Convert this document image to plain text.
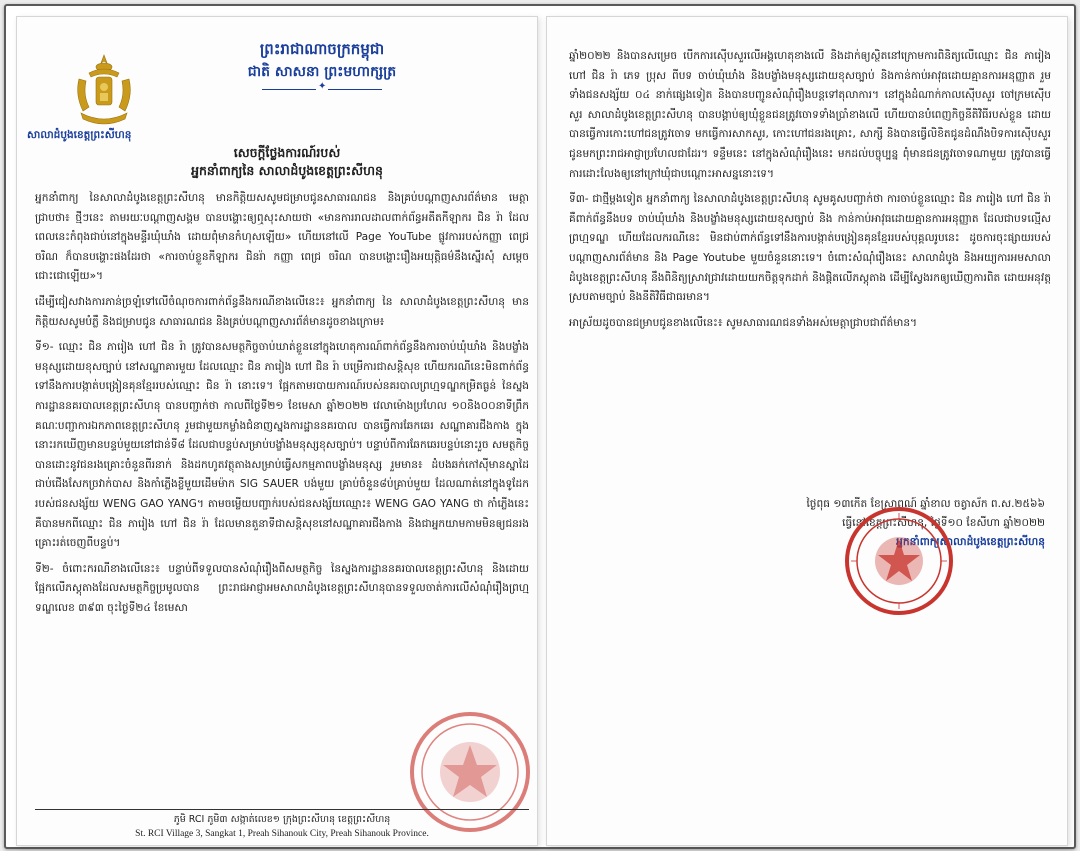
ព្រះរាជាណាចក្រកម្ពុជា
ជាតិ សាសនា ព្រះមហាក្សត្រ
✦
សាលាដំបូងខេត្តព្រះសីហនុ
សេចក្ដីថ្លែងការណ៍របស់
អ្នកនាំពាក្យនៃ សាលាដំបូងខេត្តព្រះសីហនុ

អ្នកនាំពាក្យ នៃសាលាដំបូងខេត្តព្រះសីហនុ មានកិត្តិយសសូមជម្រាបជូនសាធារណជន និងគ្រប់បណ្ដាញសារព័ត៌មាន មេត្តាជ្រាបថា៖ ថ្មីៗនេះ តាមរយៈបណ្ដាញសង្គម បានបង្ហោះឲ្យឮសុះសាយថា «មានការរាលដាលពាក់ព័ន្ធអតីតកីឡាករ ជិន រ៉ា ដែលពេលនេះកំពុងជាប់នៅក្នុងមន្ទីរឃុំឃាំង ដោយពុំមានកំហុសឡើយ» ហើយនៅលើ Page YouTube ផ្លូវការរបស់កញ្ញា ពេជ្រ ចរិណ ក៏បានបង្ហោះផងដែរថា «ការចាប់ខ្លួនកីឡាករ ជិនរ៉ា កញ្ញា ពេជ្រ ចរិណ បានបង្ហោះរឿងអយុត្តិធម៌នឹងស្នើរសុំ សម្ដេច ជោះជោឡើយ»។

ដើម្បីជៀសវាងការភាន់ច្រឡំទៅលើចំណុចការពាក់ព័ន្ធនឹងករណីខាងលើនេះ៖ អ្នកនាំពាក្យ នៃ សាលាដំបូងខេត្តព្រះសីហនុ មានកិត្តិយសសូមបំភ្លឺ និងជម្រាបជូន សាធារណជន និងគ្រប់បណ្ដាញសារព័ត៌មានដូចខាងក្រោម៖

ទី១- ឈ្មោះ ជិន ភារៀង ហៅ ជិន រ៉ា ត្រូវបានសមត្ថកិច្ចចាប់ឃាត់ខ្លួននៅក្នុងហេតុការណ៍ពាក់ព័ន្ធនឹងការចាប់ឃុំឃាំង និងបង្ខាំងមនុស្សដោយខុសច្បាប់ នៅសណ្ឋាគារមួយ ដែលឈ្មោះ ជិន ភារៀង ហៅ ជិន រ៉ា បម្រើការជាសន្តិសុខ ហើយករណីនេះមិនពាក់ព័ន្ធទៅនឹងការបង្កាត់បង្រៀនគុនខ្មែររបស់ឈ្មោះ ជិន រ៉ា នោះទេ។ ផ្អែកតាមរបាយការណ៍របស់នគរបាលព្រហ្មទណ្ឌកម្រិតធ្ងន់ នៃស្នងការដ្ឋាននគរបាលខេត្តព្រះសីហនុ បានបញ្ជាក់ថា កាលពីថ្ងៃទី២១ ខែមេសា ឆ្នាំ២០២២ វេលាម៉ោងប្រហែល ១០និង០០នាទីព្រឹក គណៈបញ្ជាការឯកភាពខេត្តព្រះសីហនុ រួមជាមួយកម្លាំងជំនាញស្នងការដ្ឋាននគរបាល បានធ្វើការឆែកឆេរ សណ្ឋាគារជីងកាង ក្នុងនោះរកឃើញមានបន្ទប់មួយនៅជាន់ទី៨ ដែលជាបន្ទប់សម្រាប់បង្ខាំងមនុស្សខុសច្បាប់។ បន្ទាប់ពីការឆែកឆេរបន្ទប់នោះរួច សមត្ថកិច្ចបានដោះនូវជនរងគ្រោះចំនួនពីរនាក់ និងដកហូតវត្ថុតាងសម្រាប់ធ្វើសកម្មភាពបង្ខាំងមនុស្ស រួមមាន៖ ដំបងឆក់កៅស៊ីមានស្នាដៃជាប់ជើងសែកច្រវាក់បាស និងកាំភ្លើងខ្លីមួយដើមម៉ាក SIG SAUER បង់មួយ គ្រាប់ចំនួន៨ប់គ្រាប់មួយ ដែលណាត់នៅក្នុងទូដែករបស់ជនសង្ស័យ WENG GAO YANG។ តាមចម្លើយបញ្ជាក់របស់ជនសង្ស័យឈ្មោះ៖ WENG GAO YANG ថា កាំភ្លើងនេះ គឺបានមកពីឈ្មោះ ជិន ភារៀង ហៅ ជិន រ៉ា ដែលមានតួនាទីជាសន្តិសុខនៅសណ្ឋាគារជីងកាង និងជាអ្នកយាមកាមមិនឲ្យជនរងគ្រោះរត់ចេញពីបន្ទប់។

ទី២- ចំពោះករណីខាងលើនេះ៖ បន្ទាប់ពីទទួលបានសំណុំរឿងពីសមត្ថកិច្ច នៃស្នងការដ្ឋាននគរបាលខេត្តព្រះសីហនុ និងដោយផ្អែកលើភស្តុតាងដែលសមត្ថកិច្ចប្រមូលបាន ព្រះរាជអាជ្ញាអមសាលាដំបូងខេត្តព្រះសីហនុបានទទួលចាត់ការលើសំណុំរឿងព្រហ្មទណ្ឌលេខ ៣៩៣ ចុះថ្ងៃទី២៤ ខែមេសា

ភូមិ RCI ភូមិ៣ សង្កាត់លេខ១ ក្រុងព្រះសីហនុ ខេត្តព្រះសីហនុ
St. RCI Village 3, Sangkat 1, Preah Sihanouk City, Preah Sihanouk Province.

ឆ្នាំ២០២២ និងបានសម្រេច បើកការស៊ើបសួរលើអង្គហេតុខាងលើ និងដាក់ឲ្យស្ថិតនៅក្រោមការពិនិត្យលើឈ្មោះ ជិន ភារៀង ហៅ ជិន រ៉ា ភេទ ប្រុស ពីបទ ចាប់ឃុំឃាំង និងបង្ខាំងមនុស្សដោយខុសច្បាប់ និងកាន់កាប់អាវុធដោយគ្មានការអនុញ្ញាត រួមទាំងជនសង្ស័យ ០៤ នាក់ផ្សេងទៀត និងបានបញ្ជូនសំណុំរឿងបន្តទៅតុលាការ។ នៅក្នុងដំណាក់កាលស៊ើបសួរ ចៅក្រមស៊ើបសួរ សាលាដំបូងខេត្តព្រះសីហនុ បានបង្គាប់ឲ្យឃុំខ្លួនជនត្រូវចោទទាំងប្រាំខាងលើ ហើយបានបំពេញកិច្ចនីតិវិធីរបស់ខ្លួន ដោយបានធ្វើការកោះហៅជនត្រូវចោទ មកធ្វើការសាកសួរ, កោះហៅជនរងគ្រោះ, សាក្សី និងបានធ្វើលិខិតជូនដំណឹងបិទការស៊ើបសួរ ជូនមកព្រះរាជអាជ្ញាប្រហែលជាដែរ។ ទន្ទឹមនេះ នៅក្នុងសំណុំរឿងនេះ មកដល់បច្ចុប្បន្ន ពុំមានជនត្រូវចោទណាមួយ ត្រូវបានធ្វើការដោះលែងឲ្យនៅក្រៅឃុំជាបណ្ដោះអាសន្ននោះទេ។

ទី៣- ជាថ្មីម្ដងទៀត អ្នកនាំពាក្យ នៃសាលាដំបូងខេត្តព្រះសីហនុ សូមគូសបញ្ជាក់ថា ការចាប់ខ្លួនឈ្មោះ ជិន ភារៀង ហៅ ជិន រ៉ា គឺពាក់ព័ន្ធនឹងបទ ចាប់ឃុំឃាំង និងបង្ខាំងមនុស្សដោយខុសច្បាប់ និង កាន់កាប់អាវុធដោយគ្មានការអនុញ្ញាត ដែលជាបទល្មើសព្រហ្មទណ្ឌ ហើយដែលករណីនេះ មិនជាប់ពាក់ព័ន្ធទៅនឹងការបង្កាត់បង្រៀនគុនខ្មែររបស់បុគ្គលរូបនេះ ដូចការចុះផ្សាយរបស់បណ្ដាញសារព័ត៌មាន និង Page Youtube មួយចំនួននោះទេ។ ចំពោះសំណុំរឿងនេះ សាលាដំបូង និងអយ្យការអមសាលាដំបូងខេត្តព្រះសីហនុ នឹងពិនិត្យស្រាវជ្រាវដោយយកចិត្តទុកដាក់ និងផ្ដិតលើភស្តុតាង ដើម្បីស្វែងរកឲ្យឃើញការពិត ដោយអនុវត្តស្របតាមច្បាប់ និងនីតិវិធីជាធរមាន។

អាស្រ័យដូចបានជម្រាបជូនខាងលើនេះ៖ សូមសាធារណជនទាំងអស់មេត្តាជ្រាបជាព័ត៌មាន។

ថ្ងៃពុធ ១៣កើត ខែស្រាពណ៍ ឆ្នាំខាល ចត្វាស័ក ព.ស.២៥៦៦
ធ្វើនៅខេត្តព្រះសីហនុ, ថ្ងៃទី១០ ខែសីហា ឆ្នាំ២០២២
អ្នកនាំពាក្យសាលាដំបូងខេត្តព្រះសីហនុ
